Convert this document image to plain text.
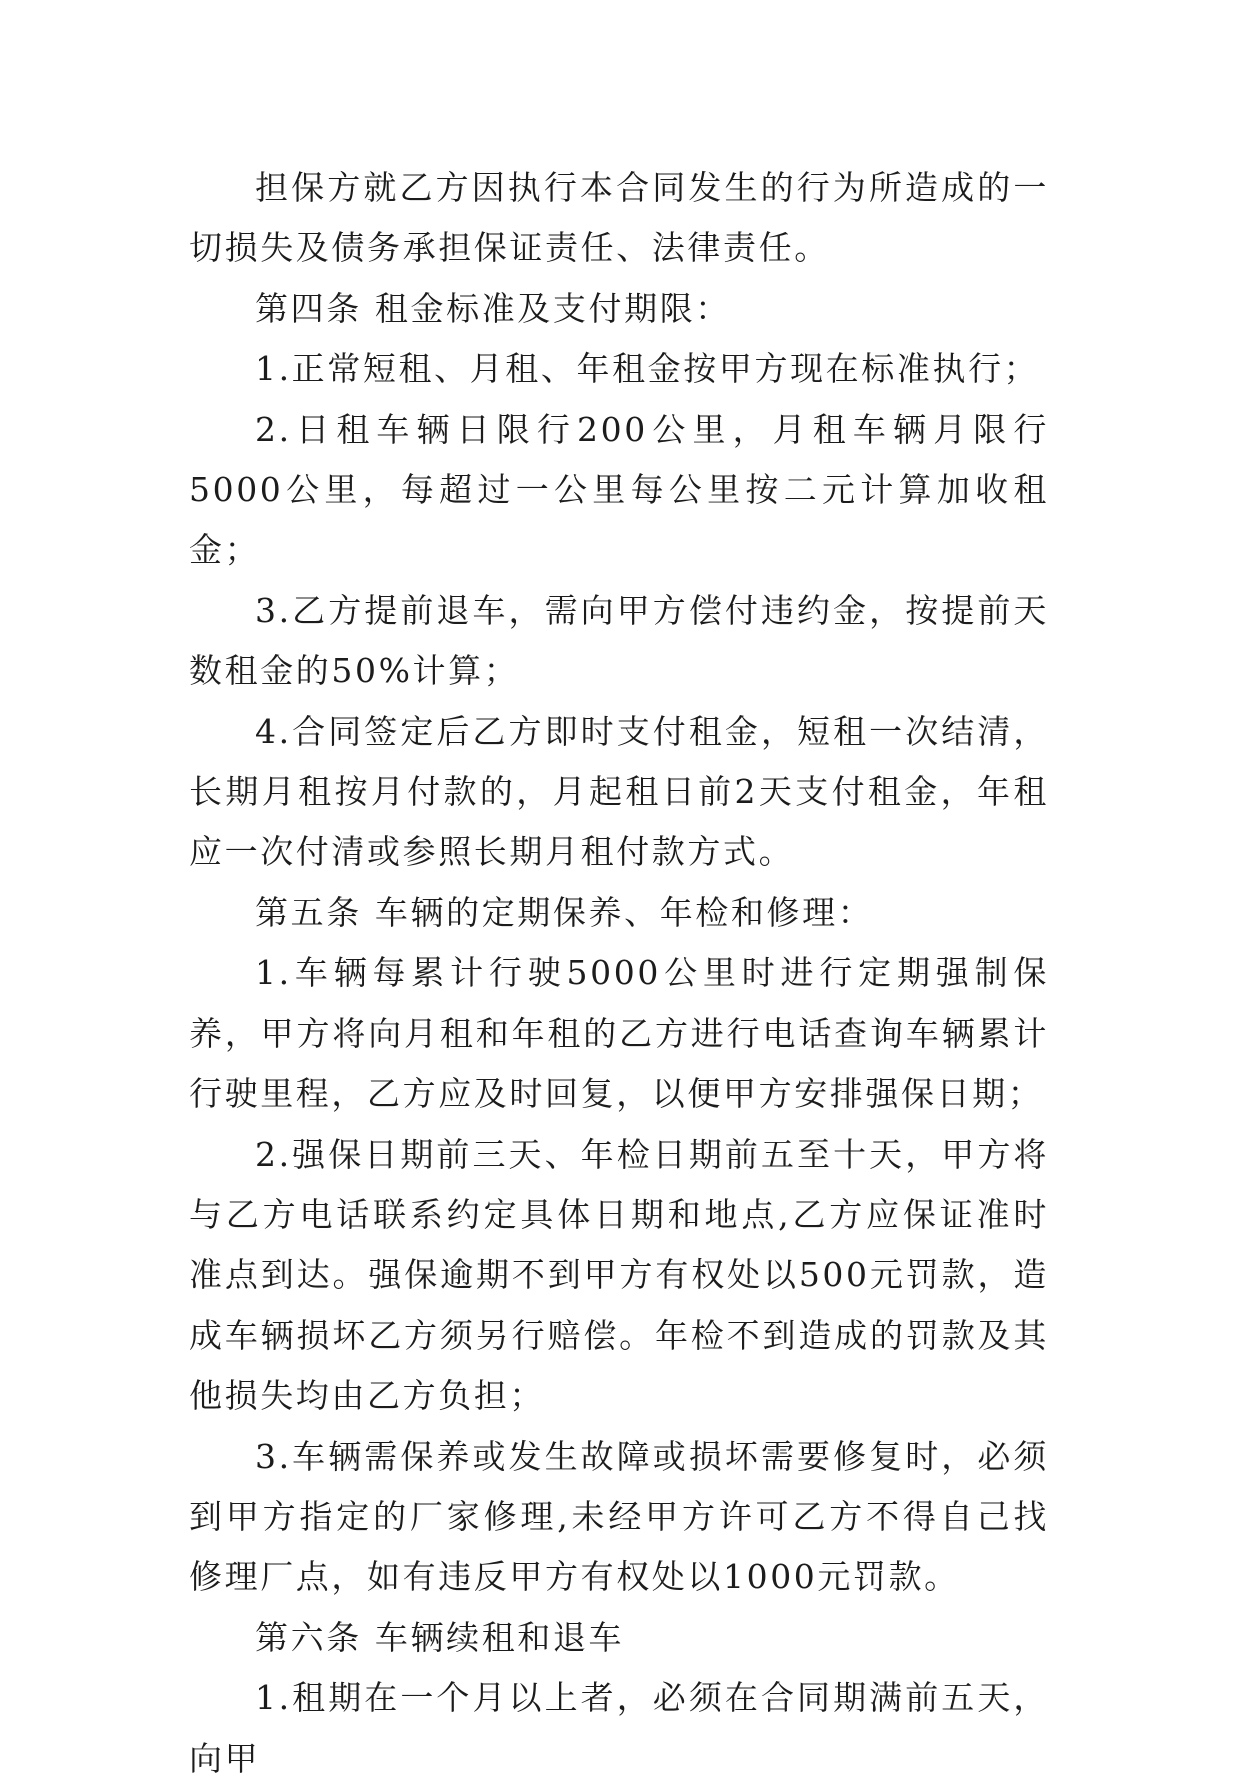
担保方就乙方因执行本合同发生的行为所造成的一切损失及债务承担保证责任、法律责任。

第四条 租金标准及支付期限：

1.正常短租、月租、年租金按甲方现在标准执行；

2.日租车辆日限行200公里，月租车辆月限行5000公里，每超过一公里每公里按二元计算加收租金；

3.乙方提前退车，需向甲方偿付违约金，按提前天数租金的50%计算；

4.合同签定后乙方即时支付租金，短租一次结清，长期月租按月付款的，月起租日前2天支付租金，年租应一次付清或参照长期月租付款方式。

第五条 车辆的定期保养、年检和修理：

1.车辆每累计行驶5000公里时进行定期强制保养，甲方将向月租和年租的乙方进行电话查询车辆累计行驶里程，乙方应及时回复，以便甲方安排强保日期；

2.强保日期前三天、年检日期前五至十天，甲方将与乙方电话联系约定具体日期和地点,乙方应保证准时准点到达。强保逾期不到甲方有权处以500元罚款，造成车辆损坏乙方须另行赔偿。年检不到造成的罚款及其他损失均由乙方负担；

3.车辆需保养或发生故障或损坏需要修复时，必须到甲方指定的厂家修理,未经甲方许可乙方不得自己找修理厂点，如有违反甲方有权处以1000元罚款。

第六条 车辆续租和退车

1.租期在一个月以上者，必须在合同期满前五天，向甲
